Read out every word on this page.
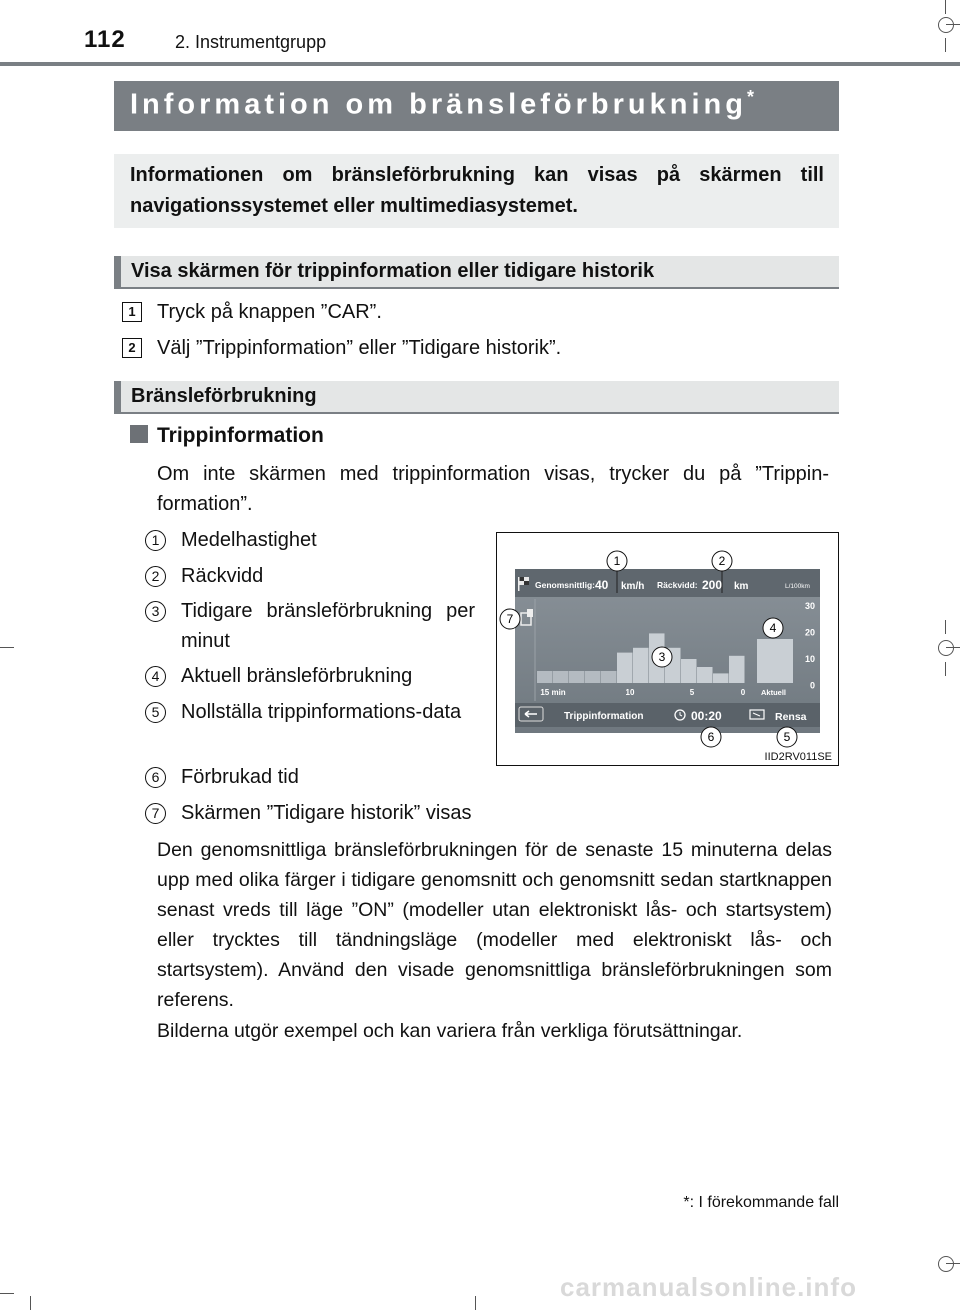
112	2. Instrumentgrupp
Information om bränsleförbrukning*

Informationen om bränsleförbrukning kan visas på skärmen till navigationssystemet eller multimediasystemet.

Visa skärmen för trippinformation eller tidigare historik
1	Tryck på knappen ”CAR”.
2	Välj ”Trippinformation” eller ”Tidigare historik”.
Bränsleförbrukning
Trippinformation

Om inte skärmen med trippinformation visas, trycker du på ”Trippin-formation”.

1	Medelhastighet
2	Räckvidd
3	Tidigare bränsleförbrukning per minut
4	Aktuell bränsleförbrukning
5	Nollställa trippinformations-data
6	Förbrukad tid
7	Skärmen ”Tidigare historik” visas

Den genomsnittliga bränsleförbrukningen för de senaste 15 minuterna delas upp med olika färger i tidigare genomsnitt och genomsnitt sedan startknappen senast vreds till läge ”ON” (modeller utan elektroniskt lås- och startsystem) eller trycktes till tändningsläge (modeller med elektroniskt lås- och startsystem). Använd den visade genomsnittliga bränsleförbrukningen som referens.

Bilderna utgör exempel och kan variera från verkliga förutsättningar.

Genomsnittlig: 40 km/h Räckvidd: 200 km	L/100km
30
20
10
0
15 min	10	5	0 Aktuell
Trippinformation	00:20	Rensa
1	2
3
4
5
6
7
IID2RV011SE
*: I förekommande fall
carmanualsonline.info
